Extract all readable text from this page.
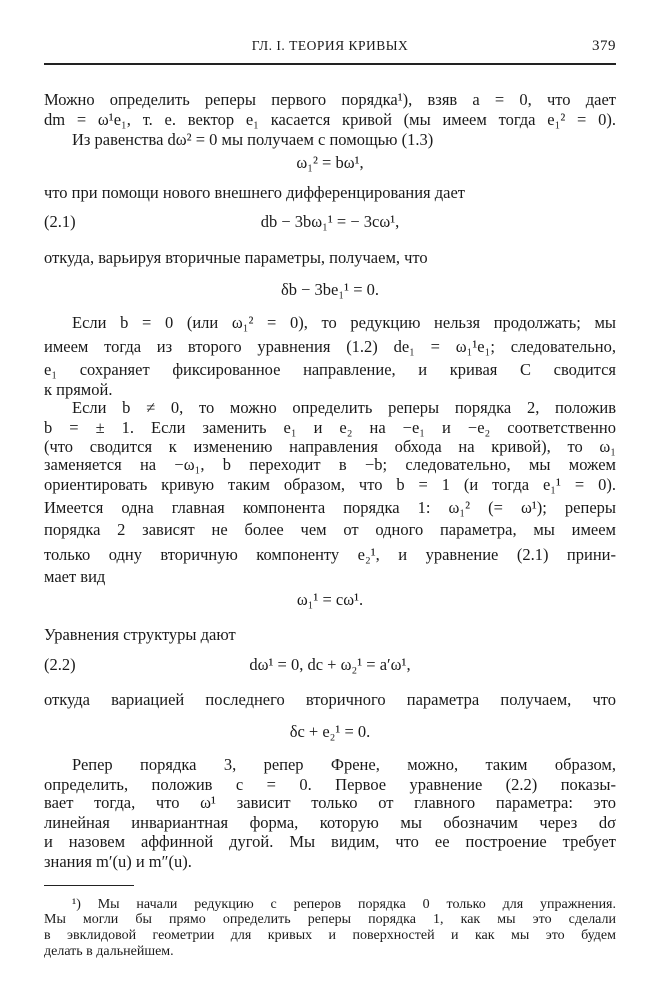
ГЛ. I. ТЕОРИЯ КРИВЫХ	379
Можно определить реперы первого порядка¹), взяв a = 0, что дает
dm = ω¹e₁, т. е. вектор e₁ касается кривой (мы имеем тогда e₁² = 0).
Из равенства dω² = 0 мы получаем с помощью (1.3)
ω₁² = bω¹,
что при помощи нового внешнего дифференцирования дает
(2.1)	db − 3bω₁¹ = − 3cω¹,
откуда, варьируя вторичные параметры, получаем, что
δb − 3be₁¹ = 0.
Если b = 0 (или ω₁² = 0), то редукцию нельзя продолжать; мы
имеем тогда из второго уравнения (1.2) de₁ = ω₁¹e₁; следовательно,
e₁ сохраняет фиксированное направление, и кривая C сводится
к прямой.
Если b ≠ 0, то можно определить реперы порядка 2, положив
b = ± 1. Если заменить e₁ и e₂ на −e₁ и −e₂ соответственно
(что сводится к изменению направления обхода на кривой), то ω₁
заменяется на −ω₁, b переходит в −b; следовательно, мы можем
ориентировать кривую таким образом, что b = 1 (и тогда e₁¹ = 0).
Имеется одна главная компонента порядка 1: ω₁² (= ω¹); реперы
порядка 2 зависят не более чем от одного параметра, мы имеем
только одну вторичную компоненту e₂¹, и уравнение (2.1) прини-
мает вид
ω₁¹ = cω¹.
Уравнения структуры дают
(2.2)	dω¹ = 0, dc + ω₂¹ = a′ω¹,
откуда вариацией последнего вторичного параметра получаем, что
δc + e₂¹ = 0.
Репер порядка 3, репер Френе, можно, таким образом,
определить, положив c = 0. Первое уравнение (2.2) показы-
вает тогда, что ω¹ зависит только от главного параметра: это
линейная инвариантная форма, которую мы обозначим через dσ
и назовем аффинной дугой. Мы видим, что ее построение требует
знания m′(u) и m″(u).
¹) Мы начали редукцию с реперов порядка 0 только для упражнения.
Мы могли бы прямо определить реперы порядка 1, как мы это сделали
в эвклидовой геометрии для кривых и поверхностей и как мы это будем
делать в дальнейшем.
